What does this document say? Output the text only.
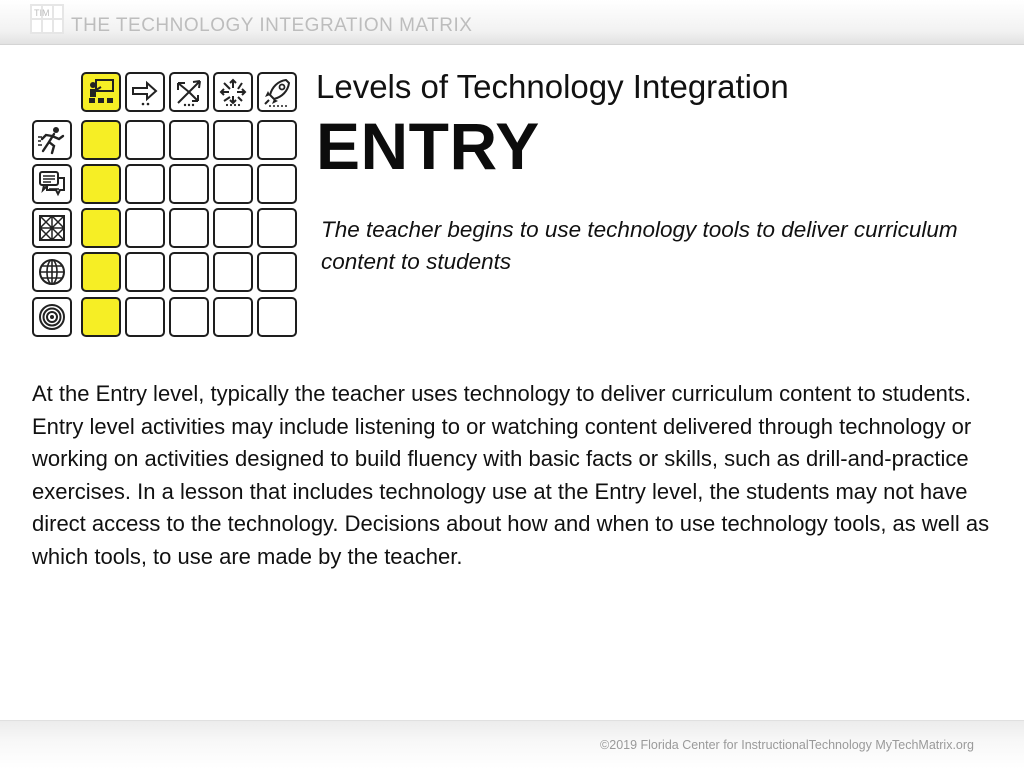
TIM
THE TECHNOLOGY INTEGRATION MATRIX
Levels of Technology Integration
ENTRY
The teacher begins to use technology tools to deliver curriculum content to students
At the Entry level, typically the teacher uses technology to deliver curriculum content to students. Entry level activities may include listening to or watching content delivered through technology or working on activities designed to build fluency with basic facts or skills, such as drill-and-practice exercises. In a lesson that includes technology use at the Entry level, the students may not have direct access to the technology. Decisions about how and when to use technology tools, as well as which tools, to use are made by the teacher.
©2019 Florida Center for InstructionalTechnology MyTechMatrix.org
